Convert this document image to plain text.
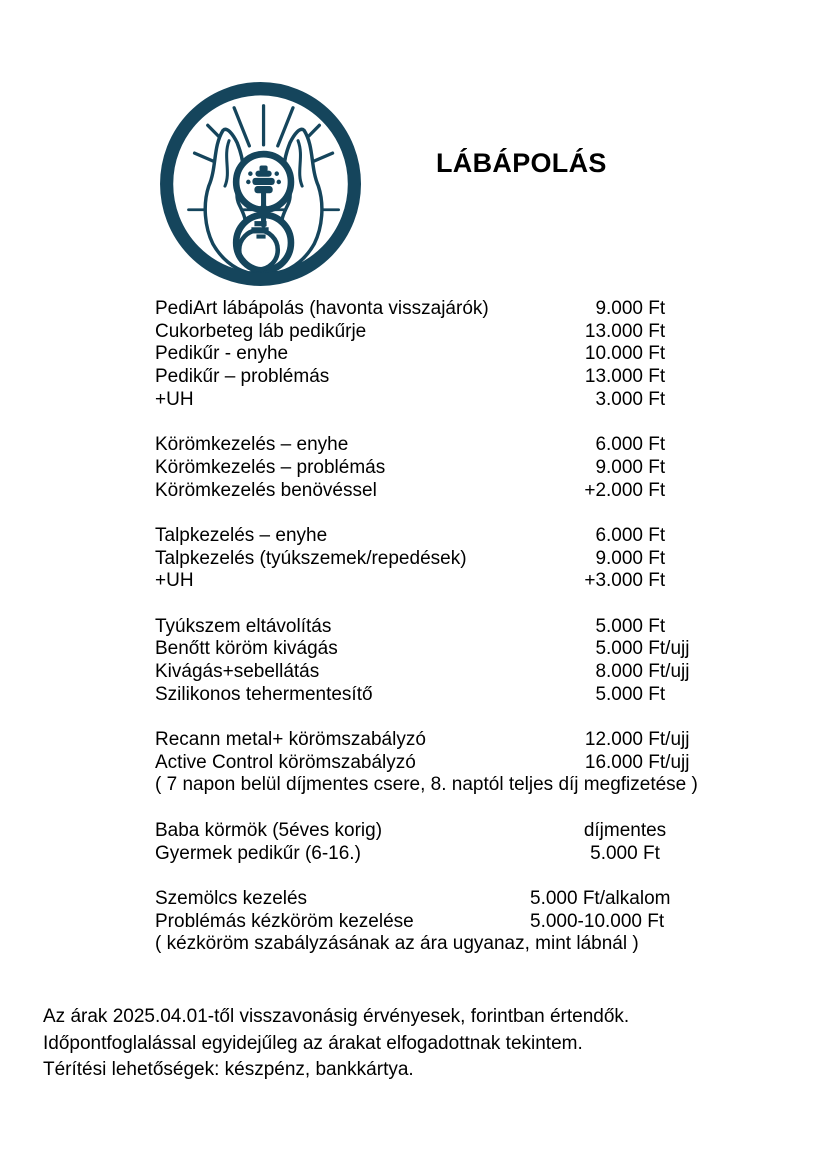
LÁBÁPOLÁS
PediArt lábápolás (havonta visszajárók)	9.000 Ft
Cukorbeteg láb pedikűrje	13.000 Ft
Pedikűr - enyhe	10.000 Ft
Pedikűr – problémás	13.000 Ft
+UH	3.000 Ft
Körömkezelés – enyhe	6.000 Ft
Körömkezelés – problémás	9.000 Ft
Körömkezelés benövéssel	+2.000 Ft
Talpkezelés – enyhe	6.000 Ft
Talpkezelés (tyúkszemek/repedések)	9.000 Ft
+UH	+3.000 Ft
Tyúkszem eltávolítás	5.000 Ft
Benőtt köröm kivágás	5.000 Ft/ujj
Kivágás+sebellátás	8.000 Ft/ujj
Szilikonos tehermentesítő	5.000 Ft
Recann metal+ körömszabályzó	12.000 Ft/ujj
Active Control körömszabályzó	16.000 Ft/ujj
( 7 napon belül díjmentes csere, 8. naptól teljes díj megfizetése )
Baba körmök (5éves korig)	díjmentes
Gyermek pedikűr (6-16.)	5.000 Ft
Szemölcs kezelés	5.000 Ft/alkalom
Problémás kézköröm kezelése	5.000-10.000 Ft
( kézköröm szabályzásának az ára ugyanaz, mint lábnál )
Az árak 2025.04.01-től visszavonásig érvényesek, forintban értendők.
Időpontfoglalással egyidejűleg az árakat elfogadottnak tekintem.
Térítési lehetőségek: készpénz, bankkártya.
